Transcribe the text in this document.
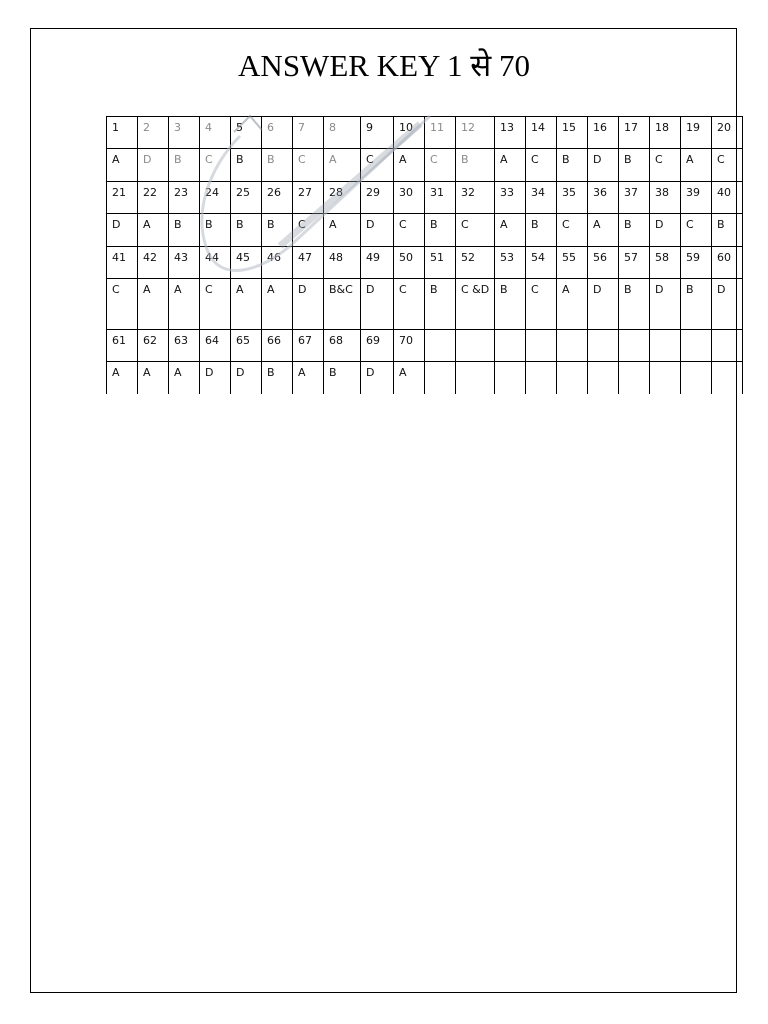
ANSWER KEY 1 से 70
1	2	3	4	5	6	7	8	9	10	11	12	13	14	15	16	17	18	19	20
A	D	B	C	B	B	C	A	C	A	C	B	A	C	B	D	B	C	A	C
21	22	23	24	25	26	27	28	29	30	31	32	33	34	35	36	37	38	39	40
D	A	B	B	B	B	C	A	D	C	B	C	A	B	C	A	B	D	C	B
41	42	43	44	45	46	47	48	49	50	51	52	53	54	55	56	57	58	59	60
C	A	A	C	A	A	D	B&C	D	C	B	C &D	B	C	A	D	B	D	B	D
61	62	63	64	65	66	67	68	69	70										
A	A	A	D	D	B	A	B	D	A										
